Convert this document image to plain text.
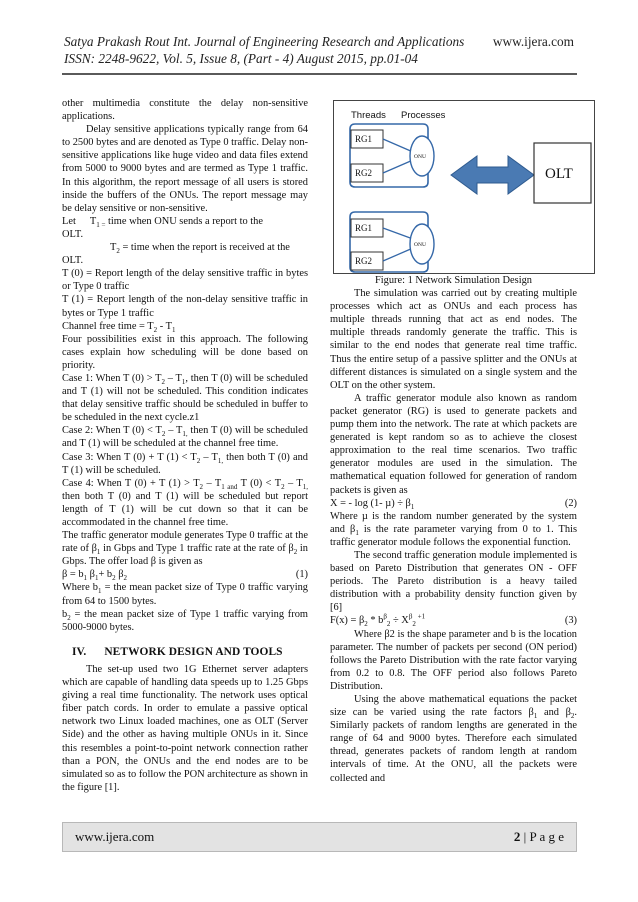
Satya Prakash Rout Int. Journal of Engineering Research and Applications www.ijera.com
ISSN: 2248-9622, Vol. 5, Issue 8, (Part - 4) August 2015, pp.01-04

other multimedia constitute the delay non-sensitive applications.

Delay sensitive applications typically range from 64 to 2500 bytes and are denoted as Type 0 traffic. Delay non-sensitive applications like huge video and data files extend from 5000 to 9000 bytes and are termed as Type 1 traffic. In this algorithm, the report message of all users is stored inside the buffers of the ONUs. The report message may be delay sensitive or non-sensitive.

Let $T_{1 =}$ time when ONU sends a report to the

OLT.

$T_2$ = time when the report is received at the

OLT.

T (0) = Report length of the delay sensitive traffic in bytes or Type 0 traffic

T (1) = Report length of the non-delay sensitive traffic in bytes or Type 1 traffic

Channel free time = $T_2 - T_1$

Four possibilities exist in this approach. The following cases explain how scheduling will be done based on priority.

Case 1: When T $(0) > T_2 - T_1$, then T (0) will be scheduled and T (1) will not be scheduled. This condition indicates that delay sensitive traffic should be scheduled in buffer to be scheduled in the next cycle.z1

Case 2: When T $(0) < T_2 - T_{1,}$ then T (0) will be scheduled and T (1) will be scheduled at the channel free time.

Case 3: When T (0) + T $(1) < T_2 - T_{1,}$ then both T (0) and T (1) will be scheduled.

Case 4: When T (0) + T $(1) > T_2 - T_{1 and}$ T $(0) < T_2 - T_{1,}$ then both T (0) and T (1) will be scheduled but report length of T (1) will be cut down so that it can be accommodated in the channel free time.

The traffic generator module generates Type 0 traffic at the rate of $\beta_1$ in Gbps and Type 1 traffic rate at the rate of $\beta_2$ in Gbps. The offer load β is given as

$\beta = b_1$ $\beta_1+ b_2$ $\beta_2$	(1)

Where $b_1$ = the mean packet size of Type 0 traffic varying from 64 to 1500 bytes.

$b_2$ = the mean packet size of Type 1 traffic varying from 5000-9000 bytes.

IV. NETWORK DESIGN AND TOOLS

The set-up used two 1G Ethernet server adapters which are capable of handling data speeds up to 1.25 Gbps giving a real time functionality. The network uses optical fiber patch cords. In order to emulate a passive optical network two Linux loaded machines, one as OLT (Server Side) and the other as having multiple ONUs in it. Since this resembles a point-to-point network connection rather than a PON, the ONUs and the end nodes are to be simulated so as to follow the PON architecture as shown in the figure [1].

Threads Processes
RG1
RG2
RG1
RG2
ONU
ONU
OLT

Figure: 1 Network Simulation Design

The simulation was carried out by creating multiple processes which act as ONUs and each process has multiple threads running that act as end nodes. The multiple threads randomly generate the traffic. This is similar to the end nodes that generate real time traffic. Thus the entire setup of a passive splitter and the ONUs at different distances is simulated on a single system and the OLT on the other system.

A traffic generator module also known as random packet generator (RG) is used to generate packets and pump them into the network. The rate at which packets are generated is kept random so as to achieve the closest approximation to the real time scenarios. Two traffic generator modules are used in the simulation. The mathematical equation followed for generation of random packets is given as

X = - log (1- $\mu) \div \beta_1$	(2)

Where µ is the random number generated by the system and $\beta_1$ is the rate parameter varying from 0 to 1. This traffic generator module follows the exponential function.

The second traffic generation module implemented is based on Pareto Distribution that generates ON - OFF periods. The Pareto distribution is a heavy tailed distribution with a probability density function given by [6]

$F(x) = \beta_2 * b^\beta_2 \div X^\beta_2$ $^{+1}$	(3)

Where β2 is the shape parameter and b is the location parameter. The number of packets per second (ON period) follows the Pareto Distribution with the rate factor varying from 0.2 to 0.8. The OFF period also follows Pareto Distribution.

Using the above mathematical equations the packet size can be varied using the rate factors $\beta_1$ and $\beta_2$. Similarly packets of random lengths are generated in the range of 64 and 9000 bytes. Therefore each simulated thread, generates packets of random length at random intervals of time. At the ONU, all the packets were collected and

www.ijera.com	2 | P a g e
